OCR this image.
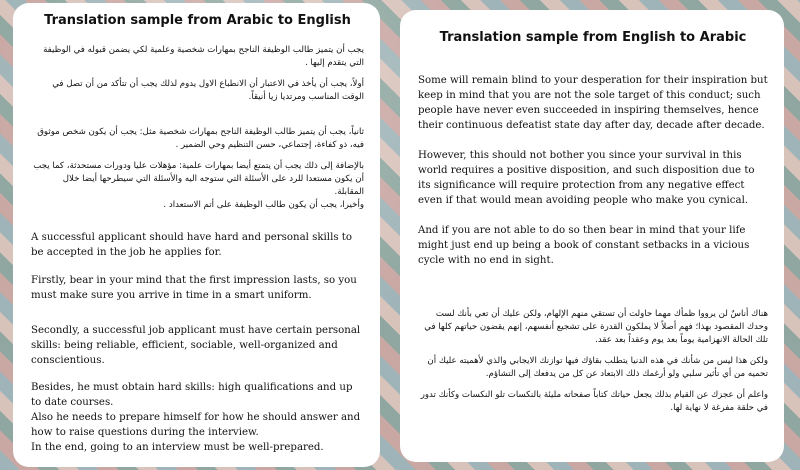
Translation sample from Arabic to English

يجب أن يتميز طالب الوظيفة الناجح بمهارات شخصية وعلمية لكي يضمن قبوله في الوظيفة التي يتقدم إليها .

أولاً، يجب أن يأخذ في الاعتبار أن الانطباع الاول يدوم لذلك يجب أن تتأكد من أن تصل في الوقت المناسب ومرتديا زيا أنيقاً.

ثانياً، يجب أن يتميز طالب الوظيفة الناجح بمهارات شخصية مثل: يجب أن يكون شخص موثوق فيه، ذو كفاءة، إجتماعي، حسن التنظيم وحي الضمير .

بالإضافة إلى ذلك يجب أن يتمتع أيضا بمهارات علمية: مؤهلات عليا ودورات مستحدثة، كما يجب أن يكون مستعدا للرد على الأسئلة التي ستوجه اليه والأسئلة التي سيطرحها أيضا خلال المقابلة.

وأخيرا، يجب أن يكون طالب الوظيفة على أتم الاستعداد .

A successful applicant should have hard and personal skills to be accepted in the job he applies for.

Firstly, bear in your mind that the first impression lasts, so you must make sure you arrive in time in a smart uniform.

Secondly, a successful job applicant must have certain personal skills: being reliable, efficient, sociable, well-organized and conscientious.

Besides, he must obtain hard skills: high qualifications and up to date courses.

Also he needs to prepare himself for how he should answer and how to raise questions during the interview.

In the end, going to an interview must be well-prepared.

Translation sample from English to Arabic

Some will remain blind to your desperation for their inspiration but keep in mind that you are not the sole target of this conduct; such people have never even succeeded in inspiring themselves, hence their continuous defeatist state day after day, decade after decade.

However, this should not bother you since your survival in this world requires a positive disposition, and such disposition due to its significance will require protection from any negative effect even if that would mean avoiding people who make you cynical.

And if you are not able to do so then bear in mind that your life might just end up being a book of constant setbacks in a vicious cycle with no end in sight.

هناك أناسٌ لن يرووا ظمأك مهما حاولت أن تستقي منهم الإلهام، ولكن عليك أن تعي بأنك لست وحدك المقصود بهذا؛ فهم أصلاً لا يملكون القدرة على تشجيع أنفسهم، إنهم يقضون حياتهم كلها في تلك الحالة الانهزامية يوماً بعد يوم وعقداً بعد عقد.

ولكن هذا ليس من شأنك في هذه الدنيا يتطلب بقاؤك فيها توازنك الايجابي والذي لأهميته عليك أن تحميه من أي تأثير سلبي ولو أرغمك ذلك الابتعاد عن كل من يدفعك إلى التشاؤم.

واعلم أن عجزك عن القيام بذلك يجعل حياتك كتاباً صفحاته مليئة بالنكسات تلو النكسات وكأنك تدور في حلقة مفرغة لا نهاية لها.
